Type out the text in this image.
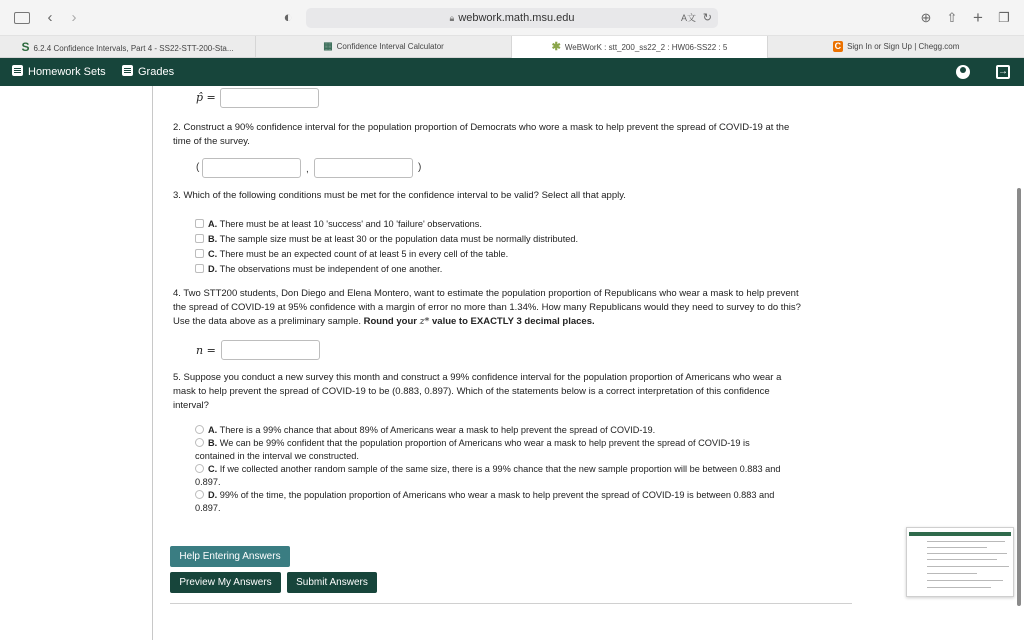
‹ ›	◐	🔒︎ webwork.math.msu.edu	A文 ↻	⊕ ⇧ + ❐
S 6.2.4 Confidence Intervals, Part 4 - SS22-STT-200-Sta...	▦ Confidence Interval Calculator	✱ WeBWorK : stt_200_ss22_2 : HW06-SS22 : 5	C Sign In or Sign Up | Chegg.com
Homework Sets	Grades	→
p̂ =
2. Construct a 90% confidence interval for the population proportion of Democrats who wore a mask to help prevent the spread of COVID-19 at the
time of the survey.
(	,	)
3. Which of the following conditions must be met for the confidence interval to be valid? Select all that apply.
A. There must be at least 10 'success' and 10 'failure' observations.
B. The sample size must be at least 30 or the population data must be normally distributed.
C. There must be an expected count of at least 5 in every cell of the table.
D. The observations must be independent of one another.
4. Two STT200 students, Don Diego and Elena Montero, want to estimate the population proportion of Republicans who wear a mask to help prevent
the spread of COVID-19 at 95% confidence with a margin of error no more than 1.34%. How many Republicans would they need to survey to do this?
Use the data above as a preliminary sample. Round your z* value to EXACTLY 3 decimal places.
n =
5. Suppose you conduct a new survey this month and construct a 99% confidence interval for the population proportion of Americans who wear a
mask to help prevent the spread of COVID-19 to be (0.883, 0.897). Which of the statements below is a correct interpretation of this confidence
interval?
A. There is a 99% chance that about 89% of Americans wear a mask to help prevent the spread of COVID-19.
B. We can be 99% confident that the population proportion of Americans who wear a mask to help prevent the spread of COVID-19 is
contained in the interval we constructed.
C. If we collected another random sample of the same size, there is a 99% chance that the new sample proportion will be between 0.883 and
0.897.
D. 99% of the time, the population proportion of Americans who wear a mask to help prevent the spread of COVID-19 is between 0.883 and
0.897.
Help Entering Answers
Preview My Answers	Submit Answers
